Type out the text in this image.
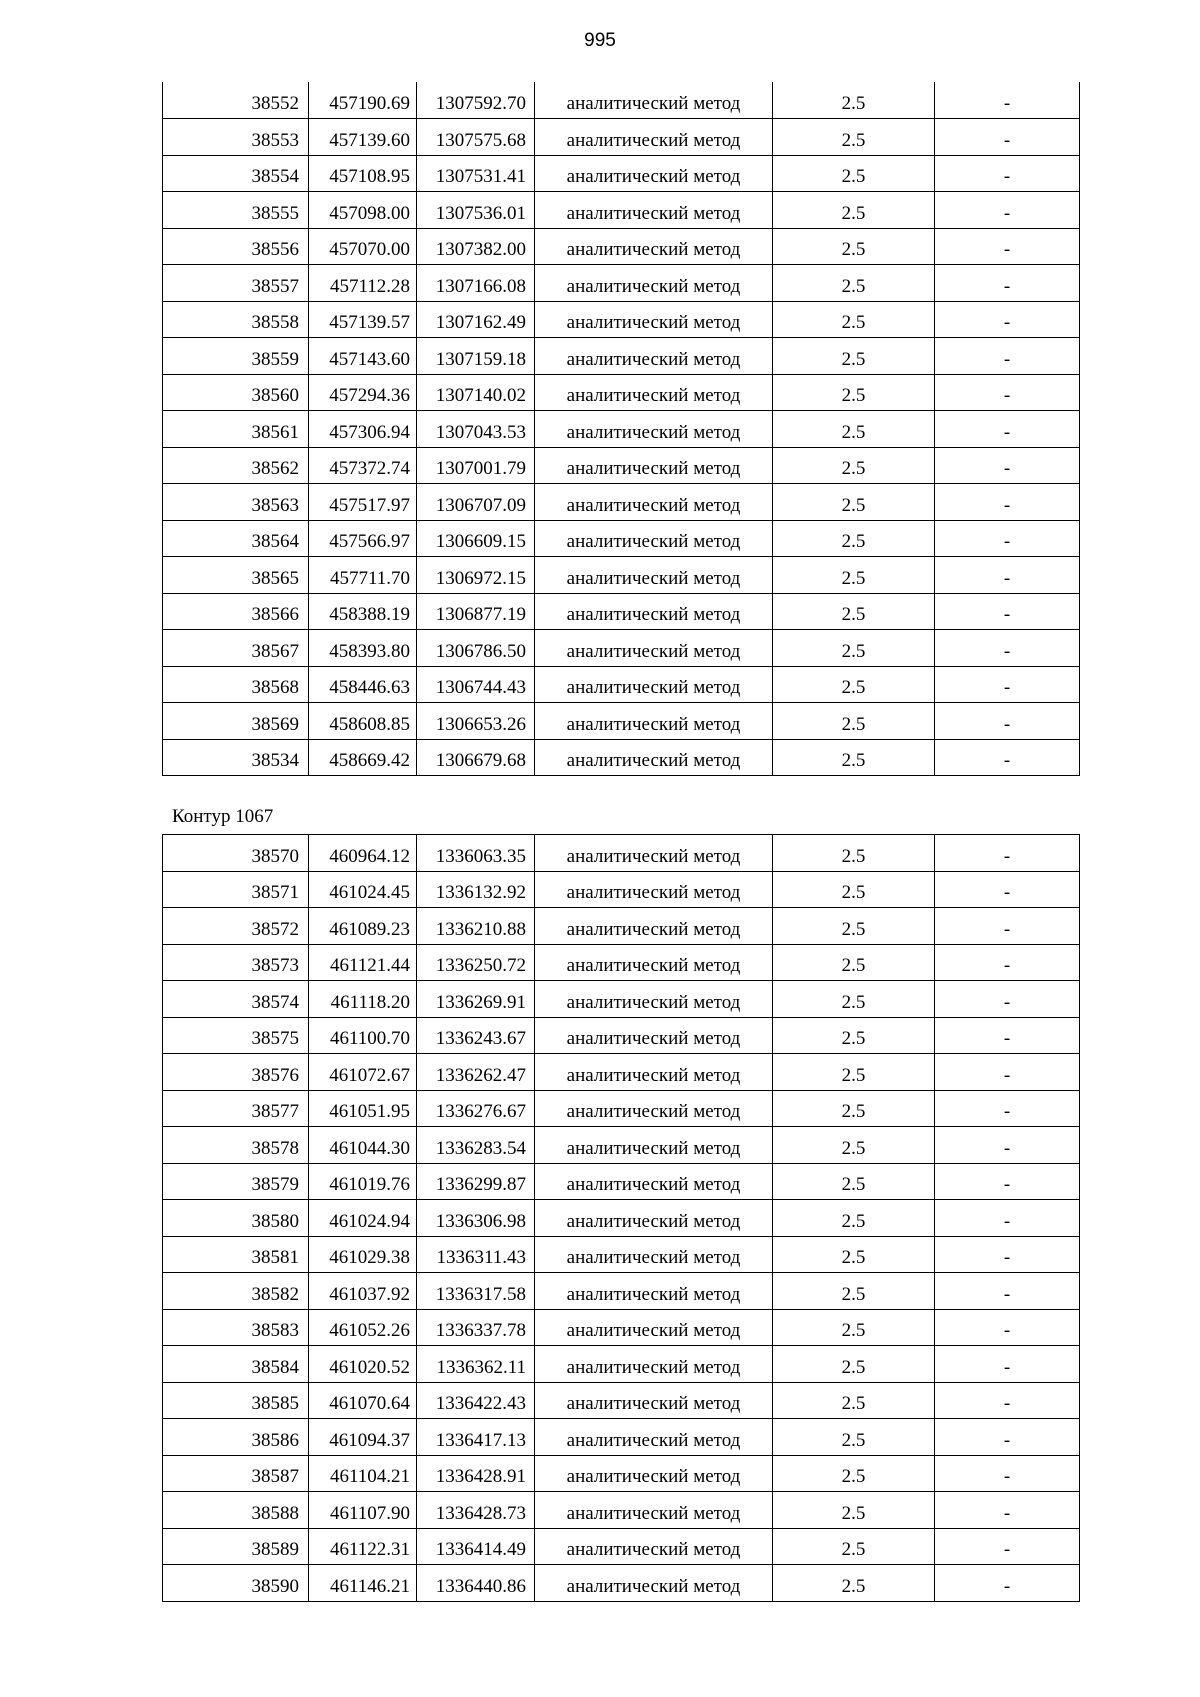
995
38552	457190.69	1307592.70	аналитический метод	2.5	-
38553	457139.60	1307575.68	аналитический метод	2.5	-
38554	457108.95	1307531.41	аналитический метод	2.5	-
38555	457098.00	1307536.01	аналитический метод	2.5	-
38556	457070.00	1307382.00	аналитический метод	2.5	-
38557	457112.28	1307166.08	аналитический метод	2.5	-
38558	457139.57	1307162.49	аналитический метод	2.5	-
38559	457143.60	1307159.18	аналитический метод	2.5	-
38560	457294.36	1307140.02	аналитический метод	2.5	-
38561	457306.94	1307043.53	аналитический метод	2.5	-
38562	457372.74	1307001.79	аналитический метод	2.5	-
38563	457517.97	1306707.09	аналитический метод	2.5	-
38564	457566.97	1306609.15	аналитический метод	2.5	-
38565	457711.70	1306972.15	аналитический метод	2.5	-
38566	458388.19	1306877.19	аналитический метод	2.5	-
38567	458393.80	1306786.50	аналитический метод	2.5	-
38568	458446.63	1306744.43	аналитический метод	2.5	-
38569	458608.85	1306653.26	аналитический метод	2.5	-
38534	458669.42	1306679.68	аналитический метод	2.5	-
Контур 1067
38570	460964.12	1336063.35	аналитический метод	2.5	-
38571	461024.45	1336132.92	аналитический метод	2.5	-
38572	461089.23	1336210.88	аналитический метод	2.5	-
38573	461121.44	1336250.72	аналитический метод	2.5	-
38574	461118.20	1336269.91	аналитический метод	2.5	-
38575	461100.70	1336243.67	аналитический метод	2.5	-
38576	461072.67	1336262.47	аналитический метод	2.5	-
38577	461051.95	1336276.67	аналитический метод	2.5	-
38578	461044.30	1336283.54	аналитический метод	2.5	-
38579	461019.76	1336299.87	аналитический метод	2.5	-
38580	461024.94	1336306.98	аналитический метод	2.5	-
38581	461029.38	1336311.43	аналитический метод	2.5	-
38582	461037.92	1336317.58	аналитический метод	2.5	-
38583	461052.26	1336337.78	аналитический метод	2.5	-
38584	461020.52	1336362.11	аналитический метод	2.5	-
38585	461070.64	1336422.43	аналитический метод	2.5	-
38586	461094.37	1336417.13	аналитический метод	2.5	-
38587	461104.21	1336428.91	аналитический метод	2.5	-
38588	461107.90	1336428.73	аналитический метод	2.5	-
38589	461122.31	1336414.49	аналитический метод	2.5	-
38590	461146.21	1336440.86	аналитический метод	2.5	-
